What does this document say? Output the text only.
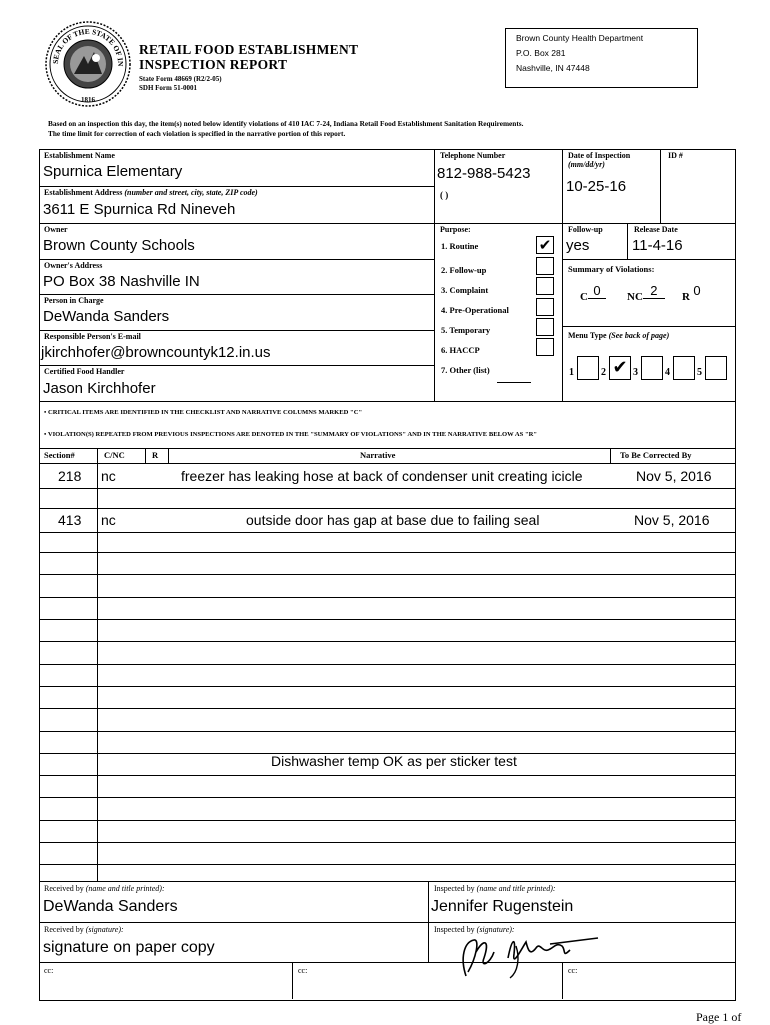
SEAL OF THE STATE OF IN
1816
RETAIL FOOD ESTABLISHMENT
INSPECTION REPORT
State Form 48669 (R2/2-05)
SDH Form 51-0001
Brown County Health Department
P.O. Box 281
Nashville, IN 47448
Based on an inspection this day, the item(s) noted below identify violations of 410 IAC 7-24, Indiana Retail Food Establishment Sanitation Requirements.
The time limit for correction of each violation is specified in the narrative portion of this report.
Establishment Name
Spurnica Elementary
Establishment Address (number and street, city, state, ZIP code)
3611 E Spurnica Rd Nineveh
Owner
Brown County Schools
Owner's Address
PO Box 38 Nashville IN
Person in Charge
DeWanda Sanders
Responsible Person's E-mail
jkirchhofer@browncountyk12.in.us
Certified Food Handler
Jason Kirchhofer
Telephone Number
812-988-5423
( )
Purpose:
1. Routine	✔
2. Follow-up
3. Complaint
4. Pre-Operational
5. Temporary
6. HACCP
7. Other (list)
Date of Inspection
(mm/dd/yr)
10-25-16
ID #
Follow-up
yes
Release Date
11-4-16
Summary of Violations:
C 0	NC 2	R 0
Menu Type (See back of page)
1	2 ✔ 3	4	5
• CRITICAL ITEMS ARE IDENTIFIED IN THE CHECKLIST AND NARRATIVE COLUMNS MARKED "C"
• VIOLATION(S) REPEATED FROM PREVIOUS INSPECTIONS ARE DENOTED IN THE "SUMMARY OF VIOLATIONS" AND IN THE NARRATIVE BELOW AS "R"
Section#	C/NC	R	Narrative	To Be Corrected By
218 nc	freezer has leaking hose at back of condenser unit creating icicle	Nov 5, 2016
413 nc	outside door has gap at base due to failing seal	Nov 5, 2016
Dishwasher temp OK as per sticker test
Received by (name and title printed):
DeWanda Sanders
Inspected by (name and title printed):
Jennifer Rugenstein
Received by (signature):
signature on paper copy
Inspected by (signature):
cc:	cc:	cc:
Page 1 of
